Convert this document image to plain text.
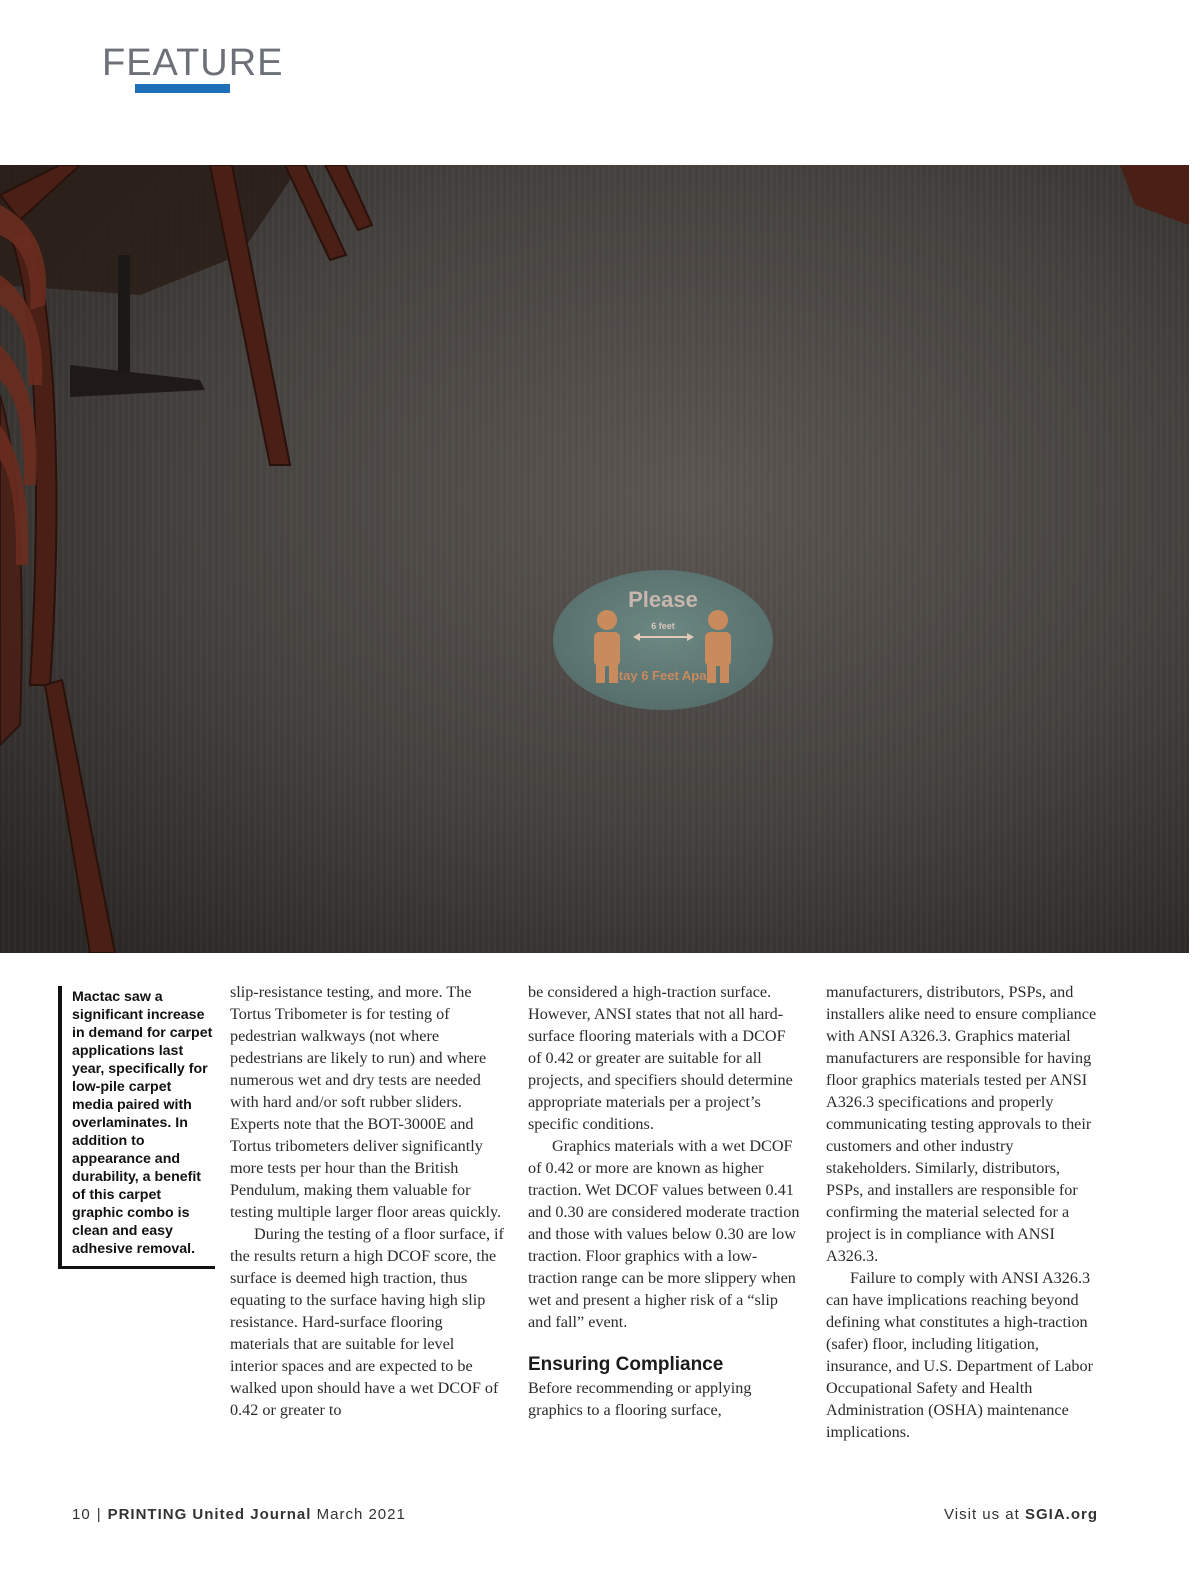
FEATURE
Please
6 feet
Stay 6 Feet Apart
Mactac saw a significant increase in demand for carpet applications last year, specifically for low-pile carpet media paired with overlaminates. In addition to appearance and durability, a benefit of this carpet graphic combo is clean and easy adhesive removal.

slip-resistance testing, and more. The Tortus Tribometer is for testing of pedestrian walkways (not where pedestrians are likely to run) and where numerous wet and dry tests are needed with hard and/or soft rubber sliders. Experts note that the BOT-3000E and Tortus tribometers deliver significantly more tests per hour than the British Pendulum, making them valuable for testing multiple larger floor areas quickly.

During the testing of a floor surface, if the results return a high DCOF score, the surface is deemed high traction, thus equating to the surface having high slip resistance. Hard-surface flooring materials that are suitable for level interior spaces and are expected to be walked upon should have a wet DCOF of 0.42 or greater to

be considered a high-traction surface. However, ANSI states that not all hard-surface flooring materials with a DCOF of 0.42 or greater are suitable for all projects, and specifiers should determine appropriate materials per a project’s specific conditions.

Graphics materials with a wet DCOF of 0.42 or more are known as higher traction. Wet DCOF values between 0.41 and 0.30 are considered moderate traction and those with values below 0.30 are low traction. Floor graphics with a low-traction range can be more slippery when wet and present a higher risk of a “slip and fall” event.

Ensuring Compliance

Before recommending or applying graphics to a flooring surface,

manufacturers, distributors, PSPs, and installers alike need to ensure compliance with ANSI A326.3. Graphics material manufacturers are responsible for having floor graphics materials tested per ANSI A326.3 specifications and properly communicating testing approvals to their customers and other industry stakeholders. Similarly, distributors, PSPs, and installers are responsible for confirming the material selected for a project is in compliance with ANSI A326.3.

Failure to comply with ANSI A326.3 can have implications reaching beyond defining what constitutes a high-traction (safer) floor, including litigation, insurance, and U.S. Department of Labor Occupational Safety and Health Administration (OSHA) maintenance implications.

10 | PRINTING United Journal March 2021	Visit us at SGIA.org
